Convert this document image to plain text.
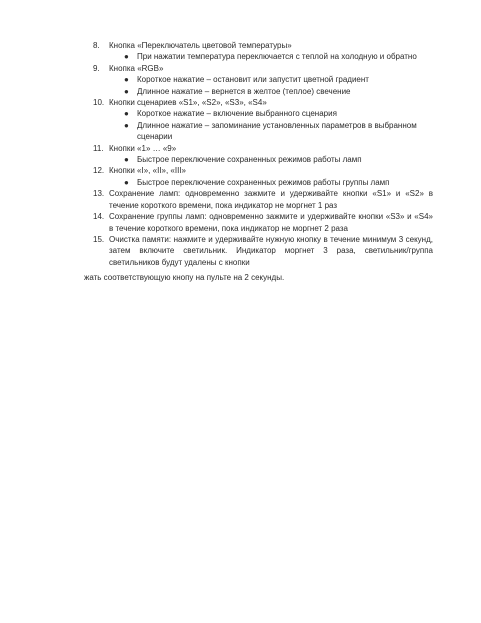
8. Кнопка «Переключатель цветовой температуры»
● При нажатии температура переключается с теплой на холодную и обратно
9. Кнопка «RGB»
● Короткое нажатие – остановит или запустит цветной градиент
● Длинное нажатие – вернется в желтое (теплое) свечение
10. Кнопки сценариев «S1», «S2», «S3», «S4»
● Короткое нажатие – включение выбранного сценария
● Длинное нажатие – запоминание установленных параметров в выбранном сценарии
11. Кнопки «1» … «9»
● Быстрое переключение сохраненных режимов работы ламп
12. Кнопки «I», «II», «III»
● Быстрое переключение сохраненных режимов работы группы ламп
13. Сохранение ламп: одновременно зажмите и удерживайте кнопки «S1» и «S2» в течение короткого времени, пока индикатор не моргнет 1 раз
14. Сохранение группы ламп: одновременно зажмите и удерживайте кнопки «S3» и «S4» в течение короткого времени, пока индикатор не моргнет 2 раза
15. Очистка памяти: нажмите и удерживайте нужную кнопку в течение минимум 3 секунд, затем включите светильник. Индикатор моргнет 3 раза, светильник/группа светильников будут удалены с кнопки
жать соответствующую кнопу на пульте на 2 секунды.
